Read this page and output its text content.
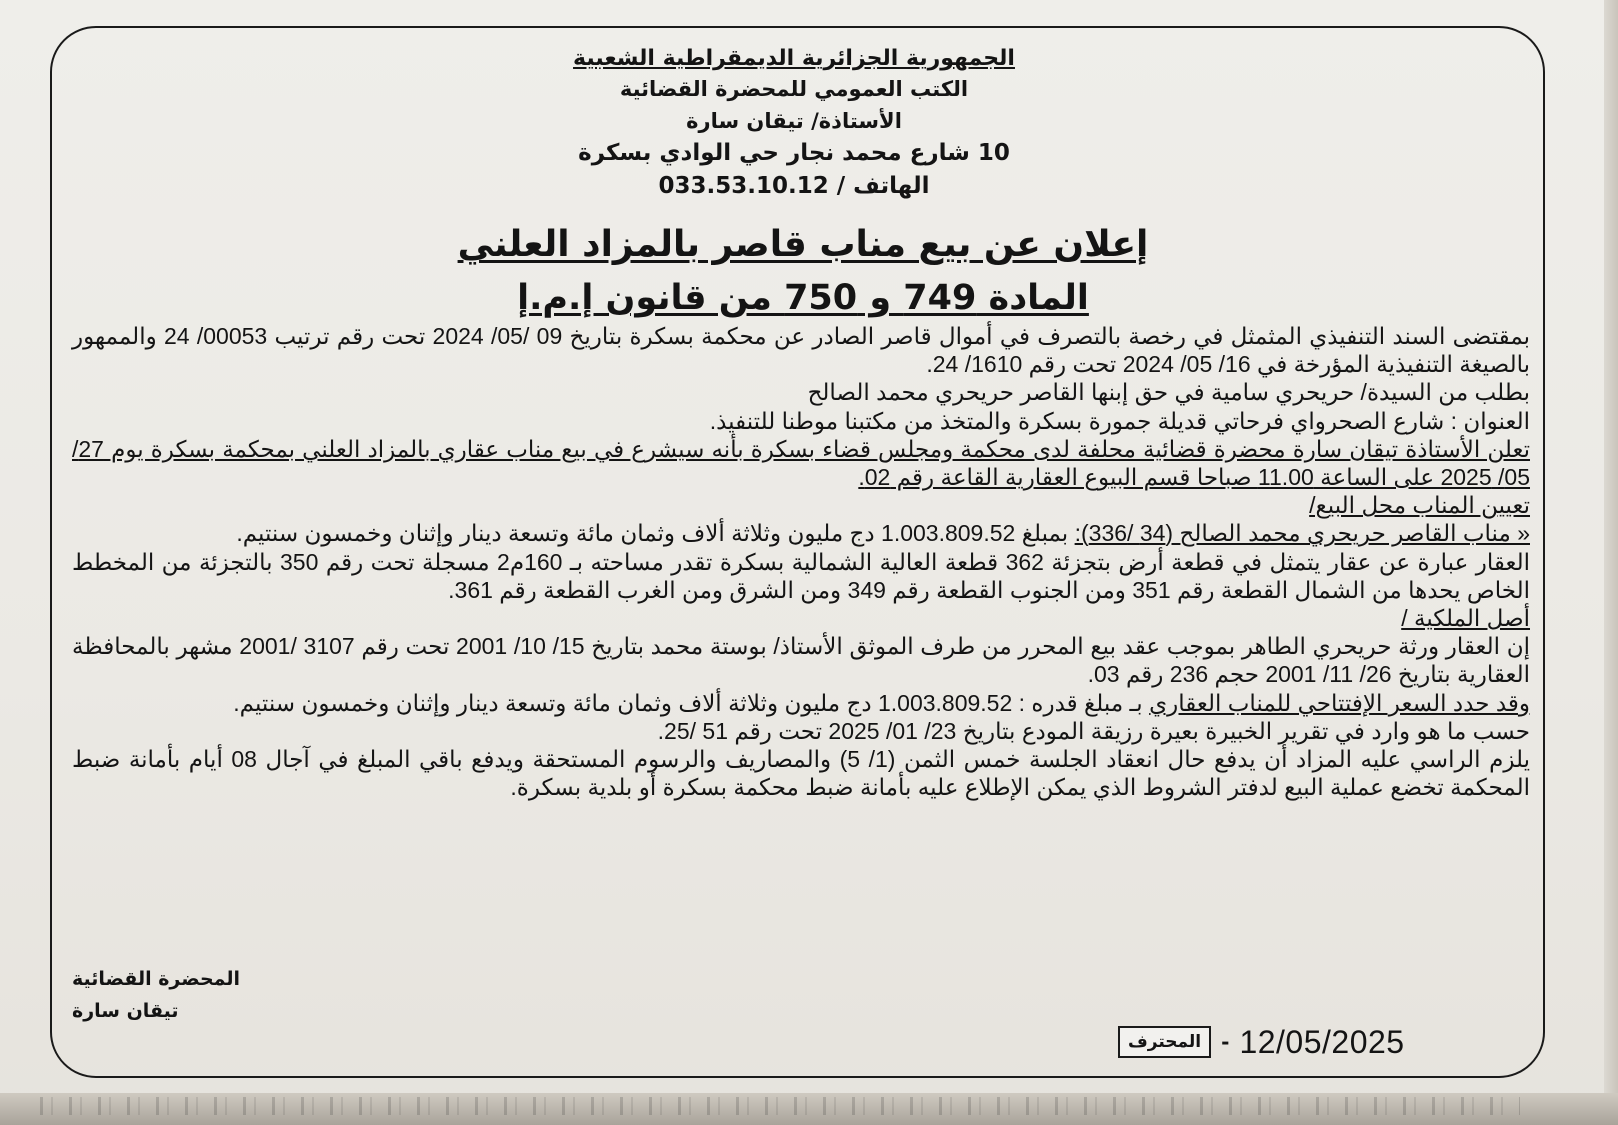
الجمهورية الجزائرية الديمقراطية الشعبية
الكتب العمومي للمحضرة القضائية
الأستاذة/ تيقان سارة
10 شارع محمد نجار حي الوادي بسكرة
الهاتف / 033.53.10.12
إعلان عن بيع مناب قاصر بالمزاد العلني
المادة 749 و 750 من قانون إ.م.إ

بمقتضى السند التنفيذي المثمثل في رخصة بالتصرف في أموال قاصر الصادر عن محكمة بسكرة بتاريخ 09 /05/ 2024 تحت رقم ترتيب 00053/ 24 والممهور بالصيغة التنفيذية المؤرخة في 16/ 05/ 2024 تحت رقم 1610/ 24.

بطلب من السيدة/ حريحري سامية في حق إبنها القاصر حريحري محمد الصالح

العنوان : شارع الصحرواي فرحاتي قديلة جمورة بسكرة والمتخذ من مكتبنا موطنا للتنفيذ.

تعلن الأستاذة تيقان سارة محضرة قضائية محلفة لدى محكمة ومجلس قضاء بسكرة بأنه سيشرع في بيع مناب عقاري بالمزاد العلني بمحكمة بسكرة يوم 27/ 05/ 2025 على الساعة 11.00 صباحا قسم البيوع العقارية القاعة رقم 02.

تعيين المناب محل البيع/

« مناب القاصر حريحري محمد الصالح (34 /336): بمبلغ 1.003.809.52 دج مليون وثلاثة ألاف وثمان مائة وتسعة دينار وإثنان وخمسون سنتيم.

العقار عبارة عن عقار يتمثل في قطعة أرض بتجزئة 362 قطعة العالية الشمالية بسكرة تقدر مساحته بـ 160م2 مسجلة تحت رقم 350 بالتجزئة من المخطط الخاص يحدها من الشمال القطعة رقم 351 ومن الجنوب القطعة رقم 349 ومن الشرق ومن الغرب القطعة رقم 361.

أصل الملكية /

إن العقار ورثة حريحري الطاهر بموجب عقد بيع المحرر من طرف الموثق الأستاذ/ بوستة محمد بتاريخ 15/ 10/ 2001 تحت رقم 3107 /2001 مشهر بالمحافظة العقارية بتاريخ 26/ 11/ 2001 حجم 236 رقم 03.

وقد حدد السعر الإفتتاحي للمناب العقاري بـ مبلغ قدره : 1.003.809.52 دج مليون وثلاثة ألاف وثمان مائة وتسعة دينار وإثنان وخمسون سنتيم.

حسب ما هو وارد في تقرير الخبيرة بعيرة رزيقة المودع بتاريخ 23/ 01/ 2025 تحت رقم 51 /25.

يلزم الراسي عليه المزاد أن يدفع حال انعقاد الجلسة خمس الثمن (1/ 5) والمصاريف والرسوم المستحقة ويدفع باقي المبلغ في آجال 08 أيام بأمانة ضبط المحكمة تخضع عملية البيع لدفتر الشروط الذي يمكن الإطلاع عليه بأمانة ضبط محكمة بسكرة أو بلدية بسكرة.

المحضرة القضائية
تيقان سارة
المحترف	- 12/05/2025
